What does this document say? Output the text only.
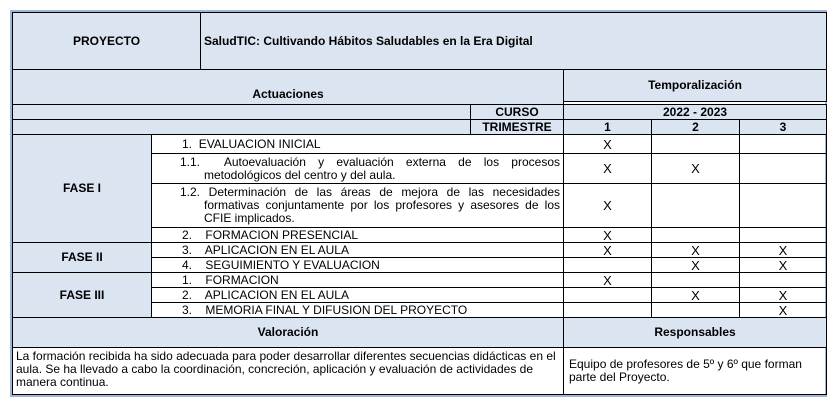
PROYECTO		SaludTIC: Cultivando Hábitos Saludables en la Era Digital				
Actuaciones				Temporalización		

			CURSO	2022 - 2023		
			TRIMESTRE	1	2	3
FASE I	1. EVALUACION INICIAL			X		
	1.1. Autoevaluación y evaluación externa de los procesos metodológicos del centro y del aula.			X	X	
	1.2. Determinación de las áreas de mejora de las necesidades formativas conjuntamente por los profesores y asesores de los CFIE implicados.			X		
	2. FORMACION PRESENCIAL			X		
FASE II	3. APLICACION EN EL AULA			X	X	X
	4. SEGUIMIENTO Y EVALUACION				X	X
FASE III	1. FORMACION			X		
	2. APLICACION EN EL AULA				X	X
	3. MEMORIA FINAL Y DIFUSION DEL PROYECTO					X
Valoración				Responsables		
La formación recibida ha sido adecuada para poder desarrollar diferentes secuencias didácticas en el aula. Se ha llevado a cabo la coordinación, concreción, aplicación y evaluación de actividades de manera continua.				Equipo de profesores de 5º y 6º que forman parte del Proyecto.		
